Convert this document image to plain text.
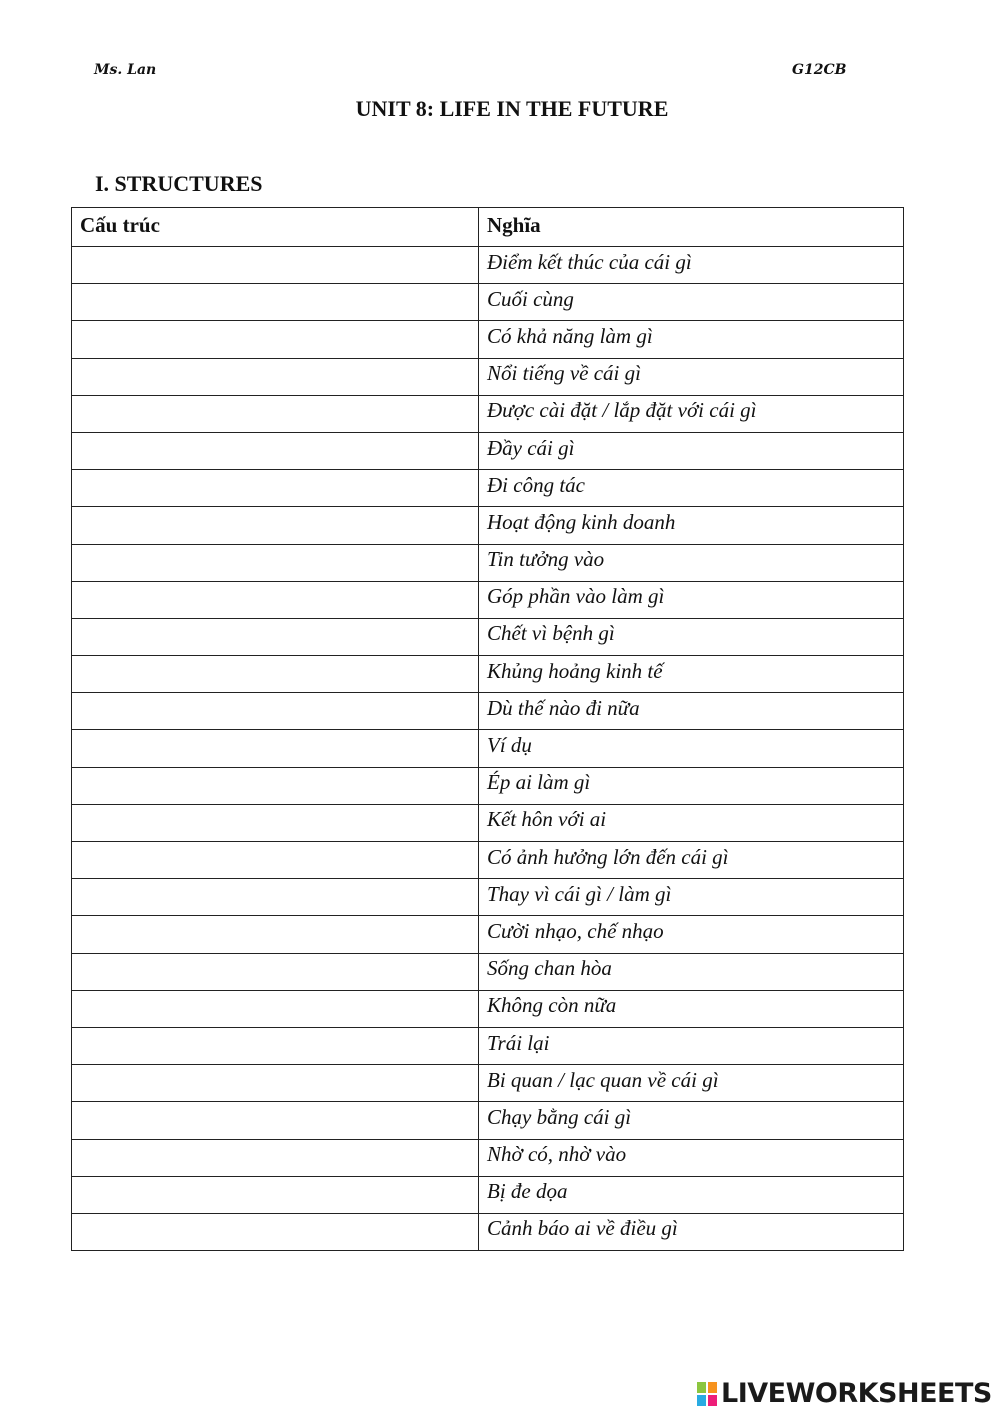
Ms. Lan	G12CB
UNIT 8: LIFE IN THE FUTURE
I. STRUCTURES
Cấu trúc	Nghĩa
	Điểm kết thúc của cái gì
	Cuối cùng
	Có khả năng làm gì
	Nổi tiếng về cái gì
	Được cài đặt / lắp đặt với cái gì
	Đầy cái gì
	Đi công tác
	Hoạt động kinh doanh
	Tin tưởng vào
	Góp phần vào làm gì
	Chết vì bệnh gì
	Khủng hoảng kinh tế
	Dù thế nào đi nữa
	Ví dụ
	Ép ai làm gì
	Kết hôn với ai
	Có ảnh hưởng lớn đến cái gì
	Thay vì cái gì / làm gì
	Cười nhạo, chế nhạo
	Sống chan hòa
	Không còn nữa
	Trái lại
	Bi quan / lạc quan về cái gì
	Chạy bằng cái gì
	Nhờ có, nhờ vào
	Bị đe dọa
	Cảnh báo ai về điều gì
LIVEWORKSHEETS
